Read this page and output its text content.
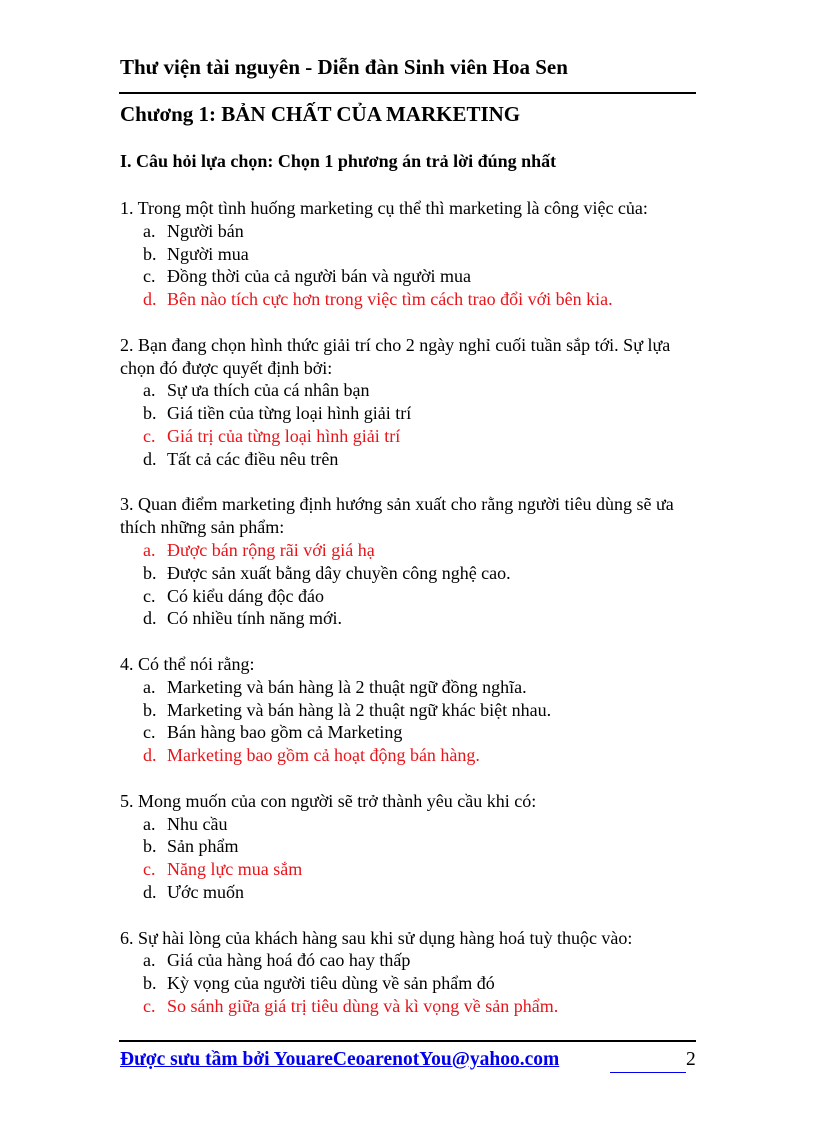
Thư viện tài nguyên - Diễn đàn Sinh viên Hoa Sen
Chương 1: BẢN CHẤT CỦA MARKETING
I. Câu hỏi lựa chọn: Chọn 1 phương án trả lời đúng nhất
1. Trong một tình huống marketing cụ thể thì marketing là công việc của:
a. Người bán
b. Người mua
c. Đồng thời của cả người bán và người mua
d. Bên nào tích cực hơn trong việc tìm cách trao đổi với bên kia.
2. Bạn đang chọn hình thức giải trí cho 2 ngày nghỉ cuối tuần sắp tới. Sự lựa chọn đó được quyết định bởi:
a. Sự ưa thích của cá nhân bạn
b. Giá tiền của từng loại hình giải trí
c. Giá trị của từng loại hình giải trí
d. Tất cả các điều nêu trên
3. Quan điểm marketing định hướng sản xuất cho rằng người tiêu dùng sẽ ưa thích những sản phẩm:
a. Được bán rộng rãi với giá hạ
b. Được sản xuất bằng dây chuyền công nghệ cao.
c. Có kiểu dáng độc đáo
d. Có nhiều tính năng mới.
4. Có thể nói rằng:
a. Marketing và bán hàng là 2 thuật ngữ đồng nghĩa.
b. Marketing và bán hàng là 2 thuật ngữ khác biệt nhau.
c. Bán hàng bao gồm cả Marketing
d. Marketing bao gồm cả hoạt động bán hàng.
5. Mong muốn của con người sẽ trở thành yêu cầu khi có:
a. Nhu cầu
b. Sản phẩm
c. Năng lực mua sắm
d. Ước muốn
6. Sự hài lòng của khách hàng sau khi sử dụng hàng hoá tuỳ thuộc vào:
a. Giá của hàng hoá đó cao hay thấp
b. Kỳ vọng của người tiêu dùng về sản phẩm đó
c. So sánh giữa giá trị tiêu dùng và kì vọng về sản phẩm.
Được sưu tầm bởi YouareCeoarenotYou@yahoo.com	2
